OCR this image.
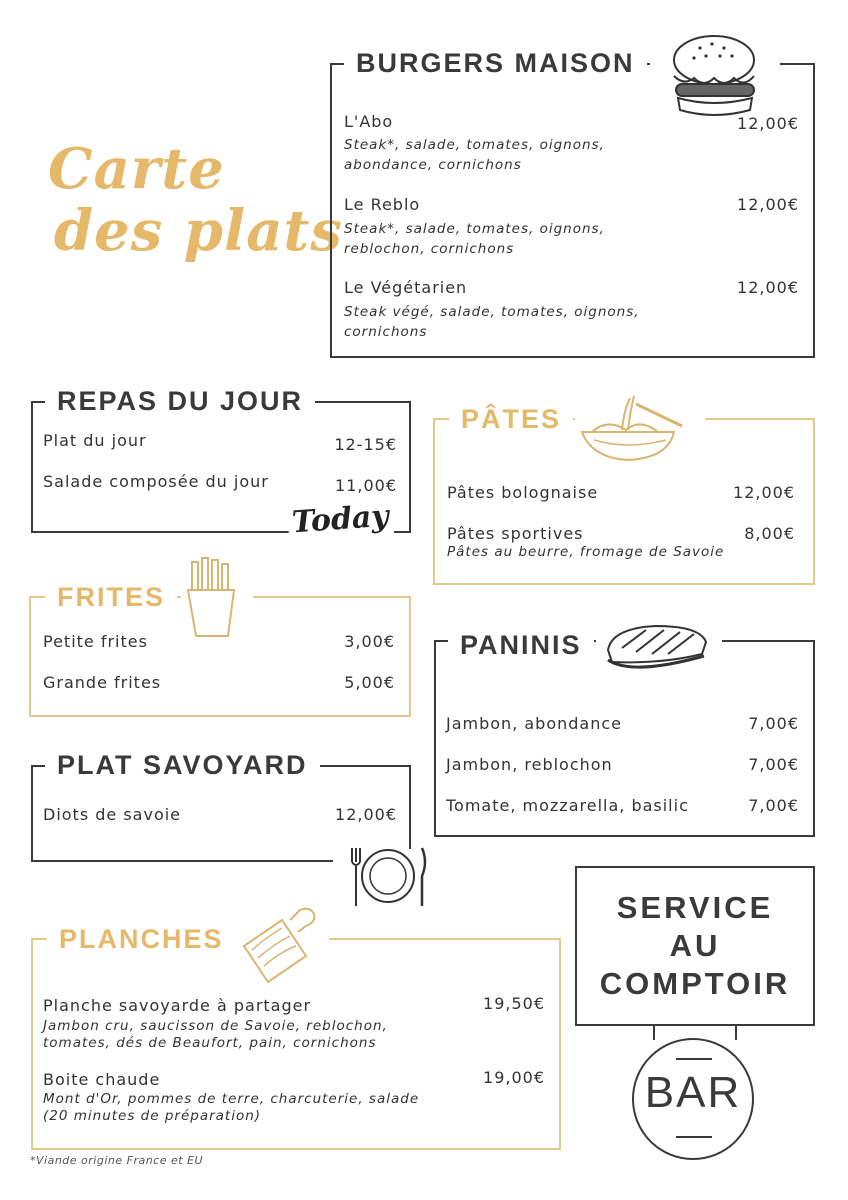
Carte
des plats
BURGERS MAISON
L'Abo	12,00€
Steak*, salade, tomates, oignons, abondance, cornichons
Le Reblo	12,00€
Steak*, salade, tomates, oignons, reblochon, cornichons
Le Végétarien	12,00€
Steak végé, salade, tomates, oignons, cornichons
REPAS DU JOUR
Plat du jour	12-15€
Salade composée du jour	11,00€
Today
PÂTES
Pâtes bolognaise	12,00€
Pâtes sportives	8,00€
Pâtes au beurre, fromage de Savoie
FRITES
Petite frites	3,00€
Grande frites	5,00€
PANINIS
Jambon, abondance	7,00€
Jambon, reblochon	7,00€
Tomate, mozzarella, basilic	7,00€
PLAT SAVOYARD
Diots de savoie	12,00€
PLANCHES
Planche savoyarde à partager	19,50€
Jambon cru, saucisson de Savoie, reblochon,
tomates, dés de Beaufort, pain, cornichons
Boite chaude	19,00€
Mont d'Or, pommes de terre, charcuterie, salade
(20 minutes de préparation)
SERVICE
AU
COMPTOIR
BAR
*Viande origine France et EU
